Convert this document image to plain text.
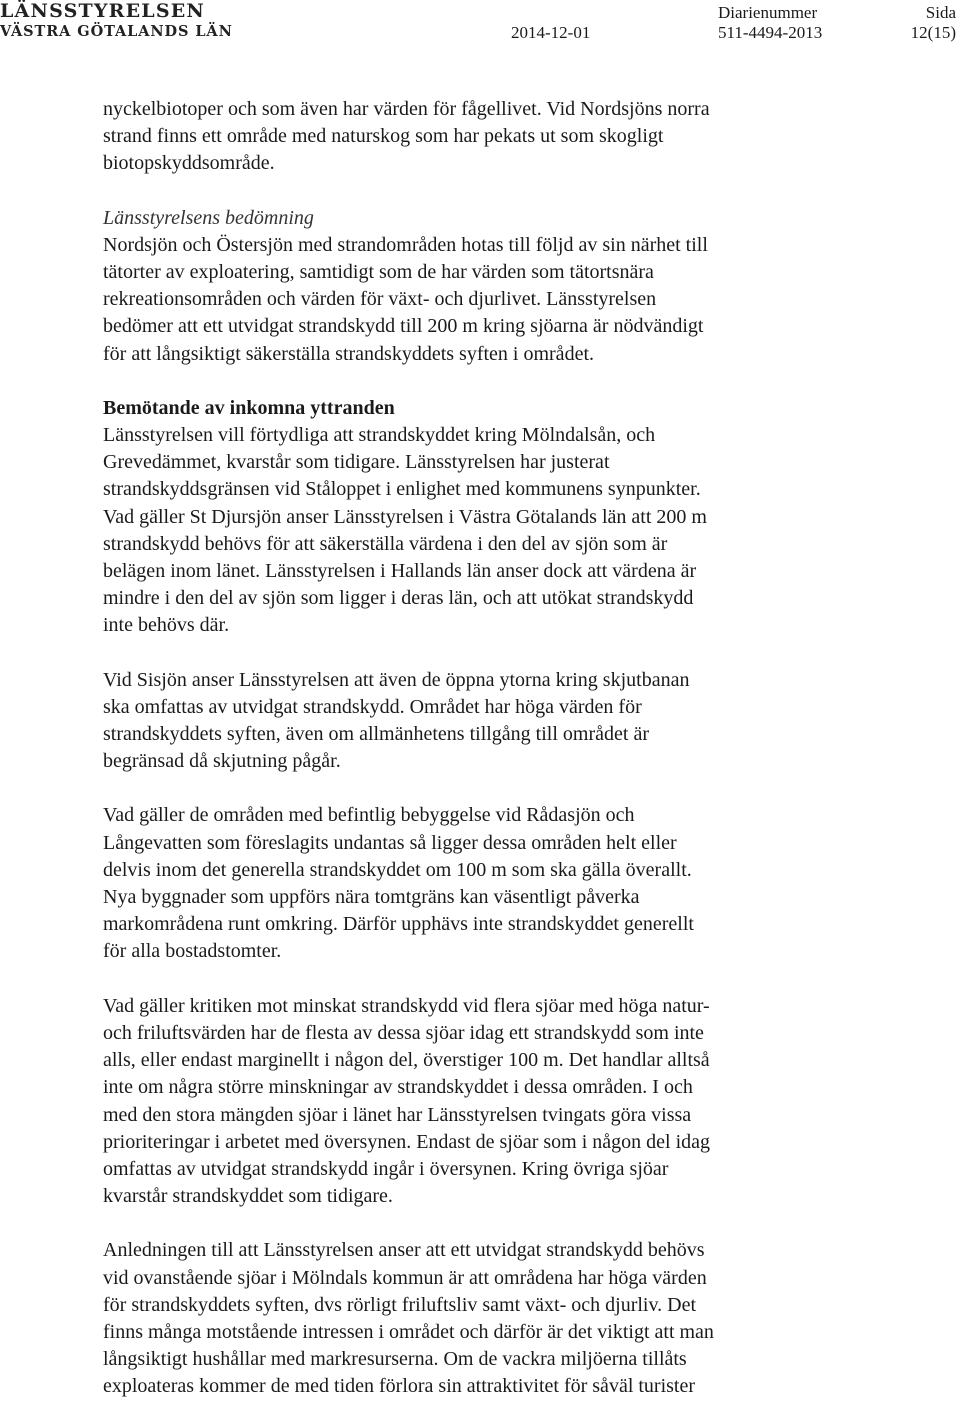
LÄNSSTYRELSEN
VÄSTRA GÖTALANDS LÄN	2014-12-01
Diarienummer
511-4494-2013
Sida
12(15)

nyckelbiotoper och som även har värden för fågellivet. Vid Nordsjöns norra
strand finns ett område med naturskog som har pekats ut som skogligt
biotopskyddsområde.

Länsstyrelsens bedömning

Nordsjön och Östersjön med strandområden hotas till följd av sin närhet till
tätorter av exploatering, samtidigt som de har värden som tätortsnära
rekreationsområden och värden för växt- och djurlivet. Länsstyrelsen
bedömer att ett utvidgat strandskydd till 200 m kring sjöarna är nödvändigt
för att långsiktigt säkerställa strandskyddets syften i området.

Bemötande av inkomna yttranden

Länsstyrelsen vill förtydliga att strandskyddet kring Mölndalsån, och
Grevedämmet, kvarstår som tidigare. Länsstyrelsen har justerat
strandskyddsgränsen vid Ståloppet i enlighet med kommunens synpunkter.
Vad gäller St Djursjön anser Länsstyrelsen i Västra Götalands län att 200 m
strandskydd behövs för att säkerställa värdena i den del av sjön som är
belägen inom länet. Länsstyrelsen i Hallands län anser dock att värdena är
mindre i den del av sjön som ligger i deras län, och att utökat strandskydd
inte behövs där.

Vid Sisjön anser Länsstyrelsen att även de öppna ytorna kring skjutbanan
ska omfattas av utvidgat strandskydd. Området har höga värden för
strandskyddets syften, även om allmänhetens tillgång till området är
begränsad då skjutning pågår.

Vad gäller de områden med befintlig bebyggelse vid Rådasjön och
Långevatten som föreslagits undantas så ligger dessa områden helt eller
delvis inom det generella strandskyddet om 100 m som ska gälla överallt.
Nya byggnader som uppförs nära tomtgräns kan väsentligt påverka
markområdena runt omkring. Därför upphävs inte strandskyddet generellt
för alla bostadstomter.

Vad gäller kritiken mot minskat strandskydd vid flera sjöar med höga natur-
och friluftsvärden har de flesta av dessa sjöar idag ett strandskydd som inte
alls, eller endast marginellt i någon del, överstiger 100 m. Det handlar alltså
inte om några större minskningar av strandskyddet i dessa områden. I och
med den stora mängden sjöar i länet har Länsstyrelsen tvingats göra vissa
prioriteringar i arbetet med översynen. Endast de sjöar som i någon del idag
omfattas av utvidgat strandskydd ingår i översynen. Kring övriga sjöar
kvarstår strandskyddet som tidigare.

Anledningen till att Länsstyrelsen anser att ett utvidgat strandskydd behövs
vid ovanstående sjöar i Mölndals kommun är att områdena har höga värden
för strandskyddets syften, dvs rörligt friluftsliv samt växt- och djurliv. Det
finns många motstående intressen i området och därför är det viktigt att man
långsiktigt hushållar med markresurserna. Om de vackra miljöerna tillåts
exploateras kommer de med tiden förlora sin attraktivitet för såväl turister
